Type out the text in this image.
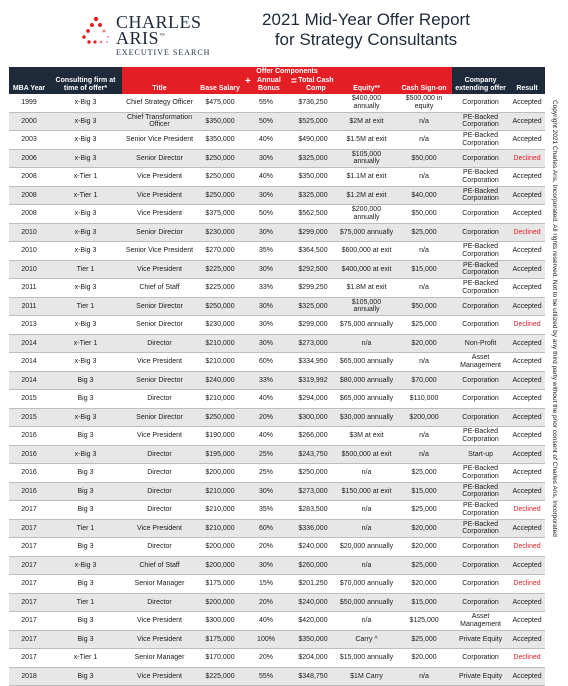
CHARLES
ARIS™
EXECUTIVE SEARCH
2021 Mid-Year Offer Report
for Strategy Consultants
Copyright 2021 Charles Aris, Incorporated. All rights reserved. Not to be utilized by any third party without the prior consent of Charles Aris, Incorporated
		Offer Components							
MBA Year	Consulting firm at time of offer*	Title	Base Salary	+ Annual Bonus	= Total Cash Comp	Equity**	Cash Sign-on	Company extending offer	Result
1999	x-Big 3	Chief Strategy Officer	$475,000	55%	$736,250	$400,000 annually	$500,000 in equity	Corporation	Accepted
2000	x-Big 3	Chief Transformation Officer	$350,000	50%	$525,000	$2M at exit	n/a	PE-Backed Corporation	Accepted
2003	x-Big 3	Senior Vice President	$350,000	40%	$490,000	$1.5M at exit	n/a	PE-Backed Corporation	Accepted
2006	x-Big 3	Senior Director	$250,000	30%	$325,000	$105,000 annually	$50,000	Corporation	Declined
2008	x-Tier 1	Vice President	$250,000	40%	$350,000	$1.1M at exit	n/a	PE-Backed Corporation	Accepted
2008	x-Tier 1	Vice President	$250,000	30%	$325,000	$1.2M at exit	$40,000	PE-Backed Corporation	Accepted
2008	x-Big 3	Vice President	$375,000	50%	$562,500	$200,000 annually	$50,000	Corporation	Accepted
2010	x-Big 3	Senior Director	$230,000	30%	$299,000	$75,000 annually	$25,000	Corporation	Declined
2010	x-Big 3	Senior Vice President	$270,000	35%	$364,500	$600,000 at exit	n/a	PE-Backed Corporation	Accepted
2010	Tier 1	Vice President	$225,000	30%	$292,500	$400,000 at exit	$15,000	PE-Backed Corporation	Accepted
2011	x-Big 3	Chief of Staff	$225,000	33%	$299,250	$1.8M at exit	n/a	PE-Backed Corporation	Accepted
2011	Tier 1	Senior Director	$250,000	30%	$325,000	$105,000 annually	$50,000	Corporation	Accepted
2013	x-Big 3	Senior Director	$230,000	30%	$299,000	$75,000 annually	$25,000	Corporation	Declined
2014	x-Tier 1	Director	$210,000	30%	$273,000	n/a	$20,000	Non-Profit	Accepted
2014	x-Big 3	Vice President	$210,000	60%	$334,950	$65,000 annually	n/a	Asset Management	Accepted
2014	Big 3	Senior Director	$240,000	33%	$319,992	$80,000 annually	$70,000	Corporation	Accepted
2015	Big 3	Director	$210,000	40%	$294,000	$65,000 annually	$110,000	Corporation	Accepted
2015	x-Big 3	Senior Director	$250,000	20%	$300,000	$30,000 annually	$200,000	Corporation	Accepted
2016	Big 3	Vice President	$190,000	40%	$266,000	$3M at exit	n/a	PE-Backed Corporation	Accepted
2016	x-Big 3	Director	$195,000	25%	$243,750	$500,000 at exit	n/a	Start-up	Accepted
2016	Big 3	Director	$200,000	25%	$250,000	n/a	$25,000	PE-Backed Corporation	Accepted
2016	Big 3	Director	$210,000	30%	$273,000	$150,000 at exit	$15,000	PE-Backed Corporation	Accepted
2017	Big 3	Director	$210,000	35%	$283,500	n/a	$25,000	PE-Backed Corporation	Declined
2017	Tier 1	Vice President	$210,000	60%	$336,000	n/a	$20,000	PE-Backed Corporation	Accepted
2017	Big 3	Director	$200,000	20%	$240,000	$20,000 annually	$20,000	Corporation	Declined
2017	x-Big 3	Chief of Staff	$200,000	30%	$260,000	n/a	$25,000	Corporation	Accepted
2017	Big 3	Senior Manager	$175,000	15%	$201,250	$70,000 annually	$20,000	Corporation	Declined
2017	Tier 1	Director	$200,000	20%	$240,000	$50,000 annually	$15,000	Corporation	Accepted
2017	Big 3	Vice President	$300,000	40%	$420,000	n/a	$125,000	Asset Management	Accepted
2017	Big 3	Vice President	$175,000	100%	$350,000	Carry ^	$25,000	Private Equity	Accepted
2017	x-Tier 1	Senior Manager	$170,000	20%	$204,000	$15,000 annually	$20,000	Corporation	Declined
2018	Big 3	Vice President	$225,000	55%	$348,750	$1M Carry	n/a	Private Equity	Accepted
